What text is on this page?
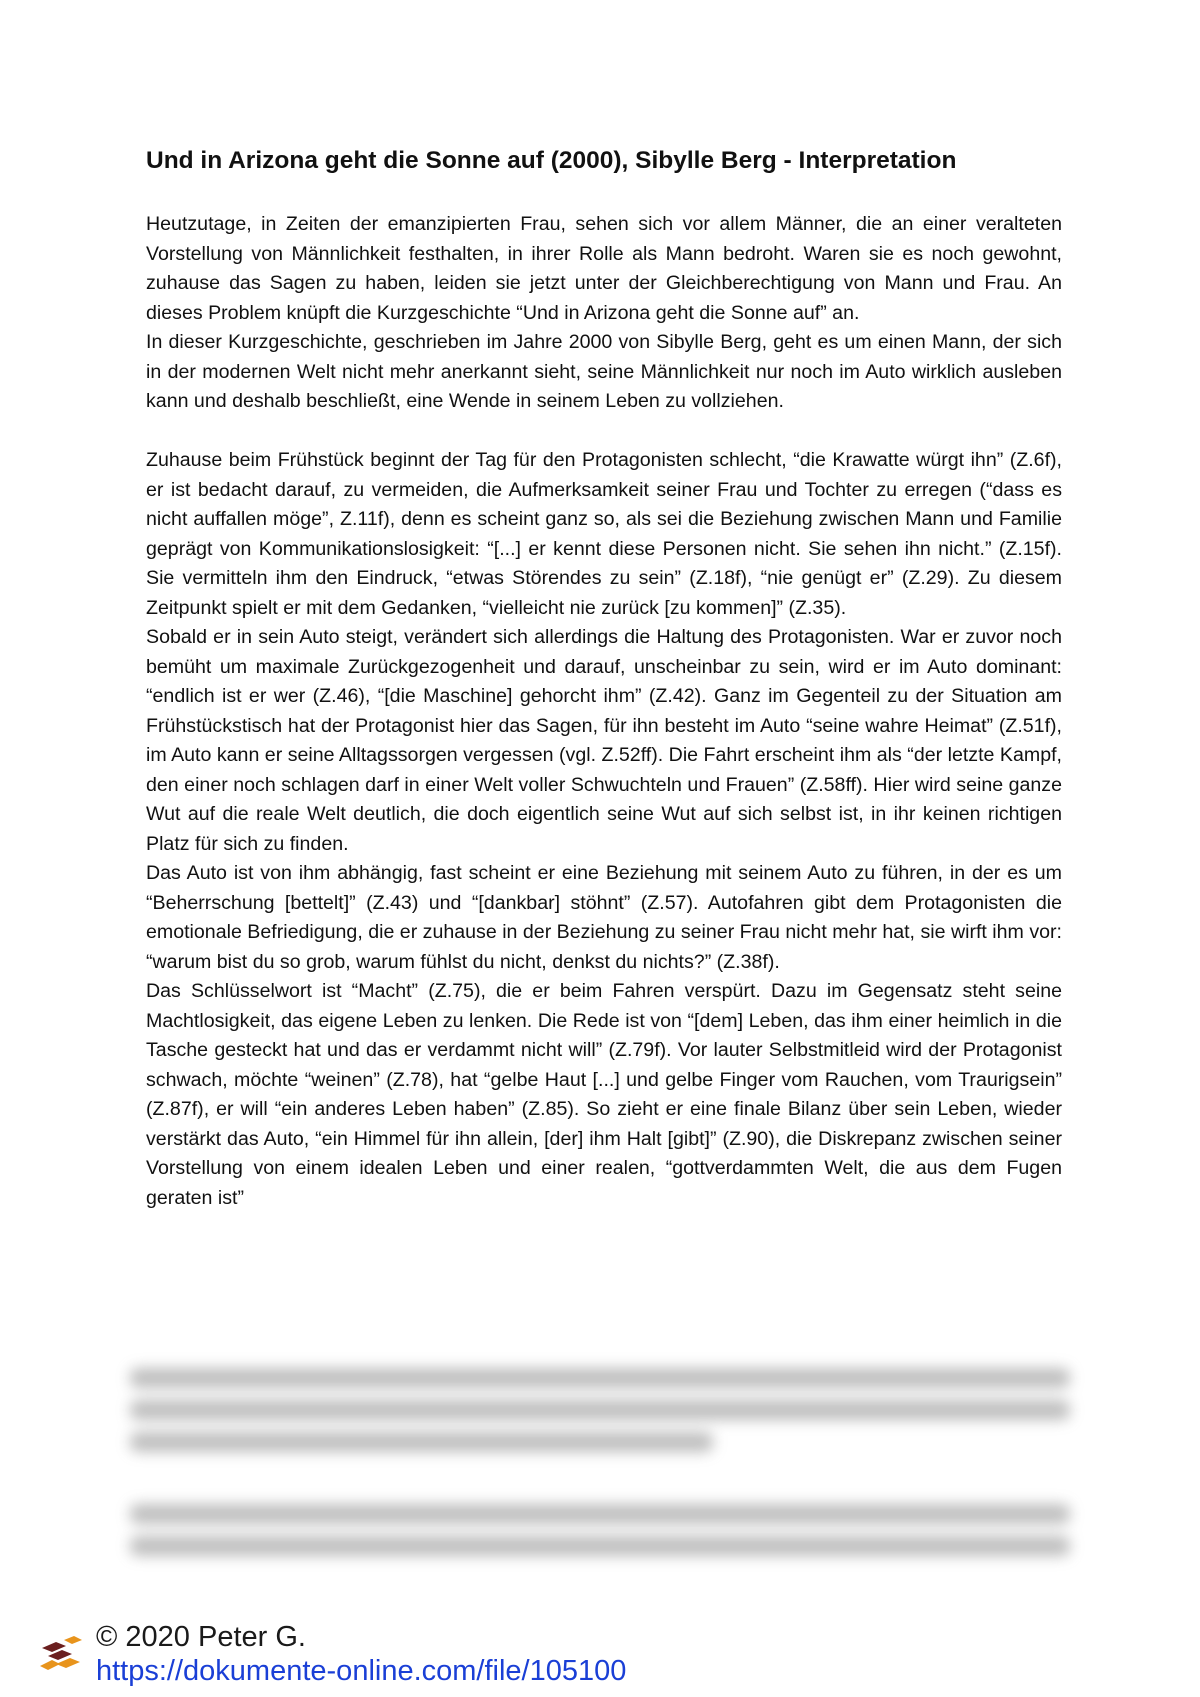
Und in Arizona geht die Sonne auf (2000), Sibylle Berg - Interpretation

Heutzutage, in Zeiten der emanzipierten Frau, sehen sich vor allem Männer, die an einer veralteten Vorstellung von Männlichkeit festhalten, in ihrer Rolle als Mann bedroht. Waren sie es noch gewohnt, zuhause das Sagen zu haben, leiden sie jetzt unter der Gleichberechtigung von Mann und Frau. An dieses Problem knüpft die Kurzgeschichte “Und in Arizona geht die Sonne auf” an.

In dieser Kurzgeschichte, geschrieben im Jahre 2000 von Sibylle Berg, geht es um einen Mann, der sich in der modernen Welt nicht mehr anerkannt sieht, seine Männlichkeit nur noch im Auto wirklich ausleben kann und deshalb beschließt, eine Wende in seinem Leben zu vollziehen.

Zuhause beim Frühstück beginnt der Tag für den Protagonisten schlecht, “die Krawatte würgt ihn” (Z.6f), er ist bedacht darauf, zu vermeiden, die Aufmerksamkeit seiner Frau und Tochter zu erregen (“dass es nicht auffallen möge”, Z.11f), denn es scheint ganz so, als sei die Beziehung zwischen Mann und Familie geprägt von Kommunikationslosigkeit: “[...] er kennt diese Personen nicht. Sie sehen ihn nicht.” (Z.15f). Sie vermitteln ihm den Eindruck, “etwas Störendes zu sein” (Z.18f), “nie genügt er” (Z.29). Zu diesem Zeitpunkt spielt er mit dem Gedanken, “vielleicht nie zurück [zu kommen]” (Z.35).

Sobald er in sein Auto steigt, verändert sich allerdings die Haltung des Protagonisten. War er zuvor noch bemüht um maximale Zurückgezogenheit und darauf, unscheinbar zu sein, wird er im Auto dominant: “endlich ist er wer (Z.46), “[die Maschine] gehorcht ihm” (Z.42). Ganz im Gegenteil zu der Situation am Frühstückstisch hat der Protagonist hier das Sagen, für ihn besteht im Auto “seine wahre Heimat” (Z.51f), im Auto kann er seine Alltagssorgen vergessen (vgl. Z.52ff). Die Fahrt erscheint ihm als “der letzte Kampf, den einer noch schlagen darf in einer Welt voller Schwuchteln und Frauen” (Z.58ff). Hier wird seine ganze Wut auf die reale Welt deutlich, die doch eigentlich seine Wut auf sich selbst ist, in ihr keinen richtigen Platz für sich zu finden.

Das Auto ist von ihm abhängig, fast scheint er eine Beziehung mit seinem Auto zu führen, in der es um “Beherrschung [bettelt]” (Z.43) und “[dankbar] stöhnt” (Z.57). Autofahren gibt dem Protagonisten die emotionale Befriedigung, die er zuhause in der Beziehung zu seiner Frau nicht mehr hat, sie wirft ihm vor: “warum bist du so grob, warum fühlst du nicht, denkst du nichts?” (Z.38f).

Das Schlüsselwort ist “Macht” (Z.75), die er beim Fahren verspürt. Dazu im Gegensatz steht seine Machtlosigkeit, das eigene Leben zu lenken. Die Rede ist von “[dem] Leben, das ihm einer heimlich in die Tasche gesteckt hat und das er verdammt nicht will” (Z.79f). Vor lauter Selbstmitleid wird der Protagonist schwach, möchte “weinen” (Z.78), hat “gelbe Haut [...] und gelbe Finger vom Rauchen, vom Traurigsein” (Z.87f), er will “ein anderes Leben haben” (Z.85). So zieht er eine finale Bilanz über sein Leben, wieder verstärkt das Auto, “ein Himmel für ihn allein, [der] ihm Halt [gibt]” (Z.90), die Diskrepanz zwischen seiner Vorstellung von einem idealen Leben und einer realen, “gottverdammten Welt, die aus dem Fugen geraten ist”

© 2020 Peter G.
https://dokumente-online.com/file/105100
